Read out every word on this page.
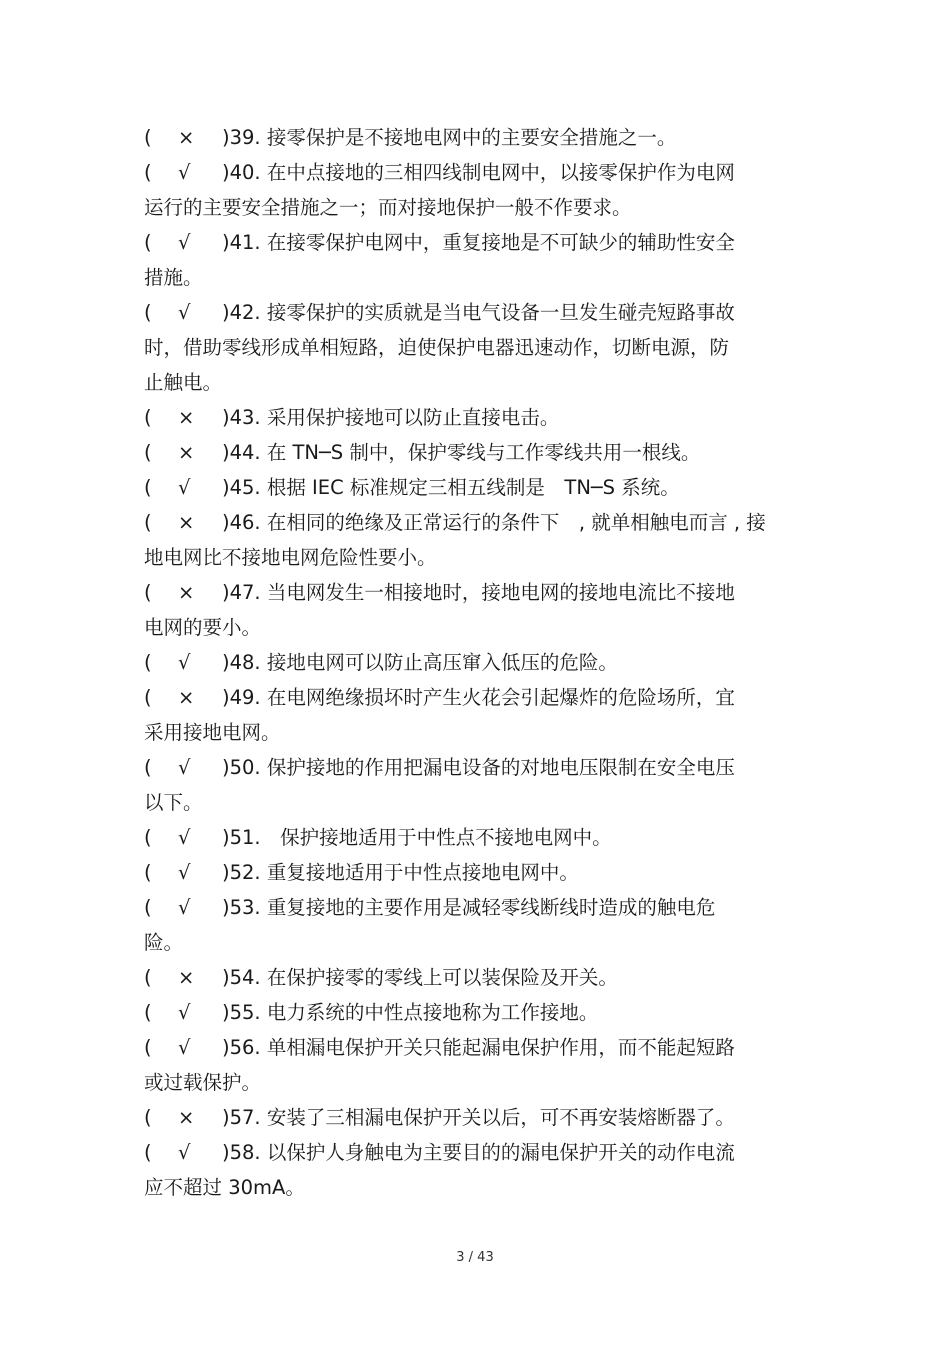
( × )39. 接零保护是不接地电网中的主要安全措施之一。
( √ )40. 在中点接地的三相四线制电网中，以接零保护作为电网
运行的主要安全措施之一；而对接地保护一般不作要求。
( √ )41. 在接零保护电网中，重复接地是不可缺少的辅助性安全
措施。
( √ )42. 接零保护的实质就是当电气设备一旦发生碰壳短路事故
时，借助零线形成单相短路，迫使保护电器迅速动作，切断电源，防
止触电。
( × )43. 采用保护接地可以防止直接电击。
( × )44. 在 TN─S 制中，保护零线与工作零线共用一根线。
( √ )45. 根据 IEC 标准规定三相五线制是　TN─S 系统。
( × )46. 在相同的绝缘及正常运行的条件下　, 就单相触电而言 , 接
地电网比不接地电网危险性要小。
( × )47. 当电网发生一相接地时，接地电网的接地电流比不接地
电网的要小。
( √ )48. 接地电网可以防止高压窜入低压的危险。
( × )49. 在电网绝缘损坏时产生火花会引起爆炸的危险场所，宜
采用接地电网。
( √ )50. 保护接地的作用把漏电设备的对地电压限制在安全电压
以下。
( √ )51.　保护接地适用于中性点不接地电网中。
( √ )52. 重复接地适用于中性点接地电网中。
( √ )53. 重复接地的主要作用是减轻零线断线时造成的触电危
险。
( × )54. 在保护接零的零线上可以装保险及开关。
( √ )55. 电力系统的中性点接地称为工作接地。
( √ )56. 单相漏电保护开关只能起漏电保护作用，而不能起短路
或过载保护。
( × )57. 安装了三相漏电保护开关以后，可不再安装熔断器了。
( √ )58. 以保护人身触电为主要目的的漏电保护开关的动作电流
应不超过 30mA。
3 / 43
